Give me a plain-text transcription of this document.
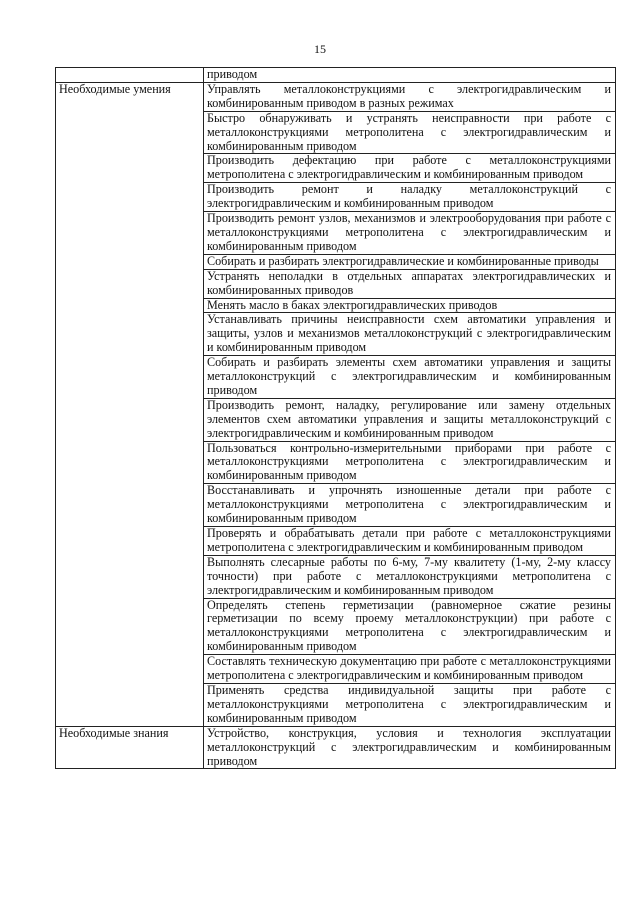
15
	приводом
Необходимые умения	Управлять металлоконструкциями с электрогидравлическим и комбинированным приводом в разных режимах
	Быстро обнаруживать и устранять неисправности при работе с металлоконструкциями метрополитена с электрогидравлическим и комбинированным приводом
	Производить дефектацию при работе с металлоконструкциями метрополитена с электрогидравлическим и комбинированным приводом
	Производить ремонт и наладку металлоконструкций с электрогидравлическим и комбинированным приводом
	Производить ремонт узлов, механизмов и электрооборудования при работе с металлоконструкциями метрополитена с электрогидравлическим и комбинированным приводом
	Собирать и разбирать электрогидравлические и комбинированные приводы
	Устранять неполадки в отдельных аппаратах электрогидравлических и комбинированных приводов
	Менять масло в баках электрогидравлических приводов
	Устанавливать причины неисправности схем автоматики управления и защиты, узлов и механизмов металлоконструкций с электрогидравлическим и комбинированным приводом
	Собирать и разбирать элементы схем автоматики управления и защиты металлоконструкций с электрогидравлическим и комбинированным приводом
	Производить ремонт, наладку, регулирование или замену отдельных элементов схем автоматики управления и защиты металлоконструкций с электрогидравлическим и комбинированным приводом
	Пользоваться контрольно-измерительными приборами при работе с металлоконструкциями метрополитена с электрогидравлическим и комбинированным приводом
	Восстанавливать и упрочнять изношенные детали при работе с металлоконструкциями метрополитена с электрогидравлическим и комбинированным приводом
	Проверять и обрабатывать детали при работе с металлоконструкциями метрополитена с электрогидравлическим и комбинированным приводом
	Выполнять слесарные работы по 6-му, 7-му квалитету (1-му, 2-му классу точности) при работе с металлоконструкциями метрополитена с электрогидравлическим и комбинированным приводом
	Определять степень герметизации (равномерное сжатие резины герметизации по всему проему металлоконструкции) при работе с металлоконструкциями метрополитена с электрогидравлическим и комбинированным приводом
	Составлять техническую документацию при работе с металлоконструкциями метрополитена с электрогидравлическим и комбинированным приводом
	Применять средства индивидуальной защиты при работе с металлоконструкциями метрополитена с электрогидравлическим и комбинированным приводом
Необходимые знания	Устройство, конструкция, условия и технология эксплуатации металлоконструкций с электрогидравлическим и комбинированным приводом
